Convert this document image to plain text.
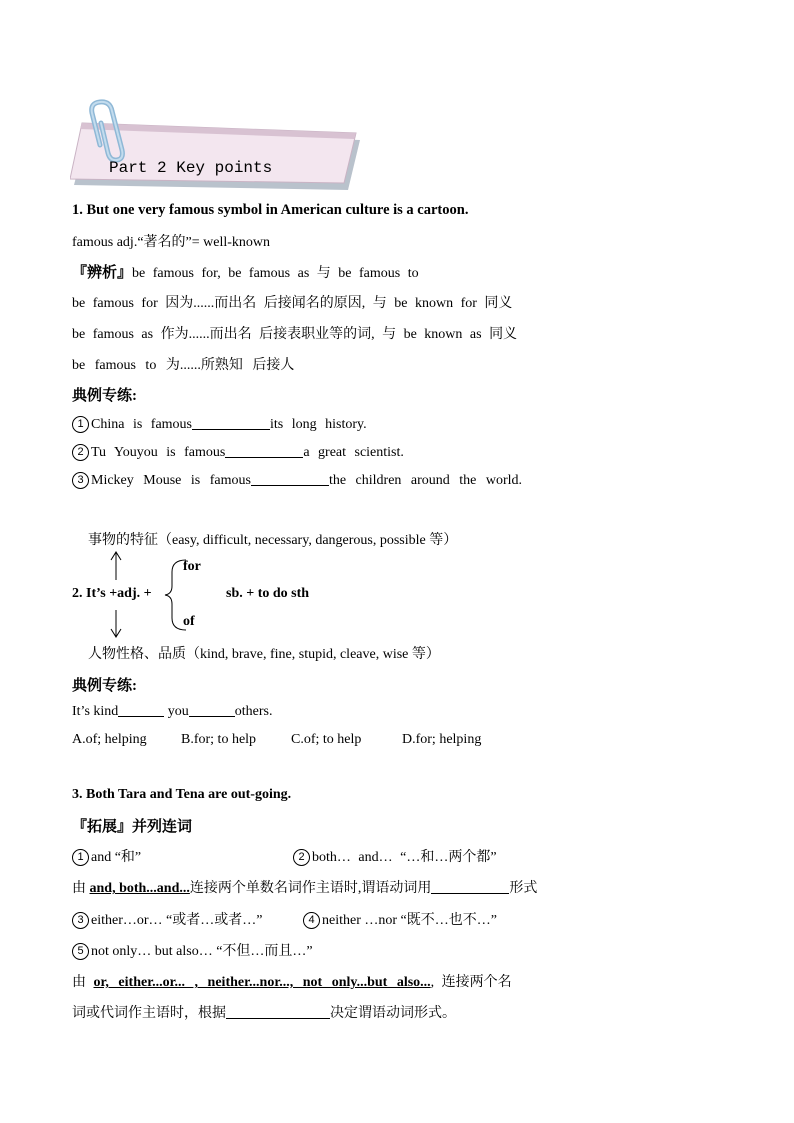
Part 2 Key points
1. But one very famous symbol in American culture is a cartoon.
famous adj.“著名的”= well-known
『辨析』be famous for, be famous as 与 be famous to
be famous for 因为......而出名 后接闻名的原因, 与 be known for 同义
be famous as 作为......而出名 后接表职业等的词, 与 be known as 同义
be famous to 为......所熟知 后接人
典例专练:
1 China is famous	its long history.
2 Tu Youyou is famous	a great scientist.
3 Mickey Mouse is famous	the children around the world.
事物的特征（easy, difficult, necessary, dangerous, possible 等）
for
2. It’s +adj. +	sb. + to do sth
of
人物性格、品质（kind, brave, fine, stupid, cleave, wise 等）
典例专练:
It’s kind	you	others.
A.of; helping B.for; to help C.of; to help	D.for; helping
3. Both Tara and Tena are out-going.
『拓展』并列连词
1 and “和”	2 both… and… “…和…两个都”
由 and, both...and...连接两个单数名词作主语时,谓语动词用	形式
3 either…or… “或者…或者…”	4 neither …nor “既不…也不…”
5 not only… but also… “不但…而且…”
由 or, either...or... , neither...nor..., not only...but also..., 连接两个名
词或代词作主语时，根据	决定谓语动词形式。
